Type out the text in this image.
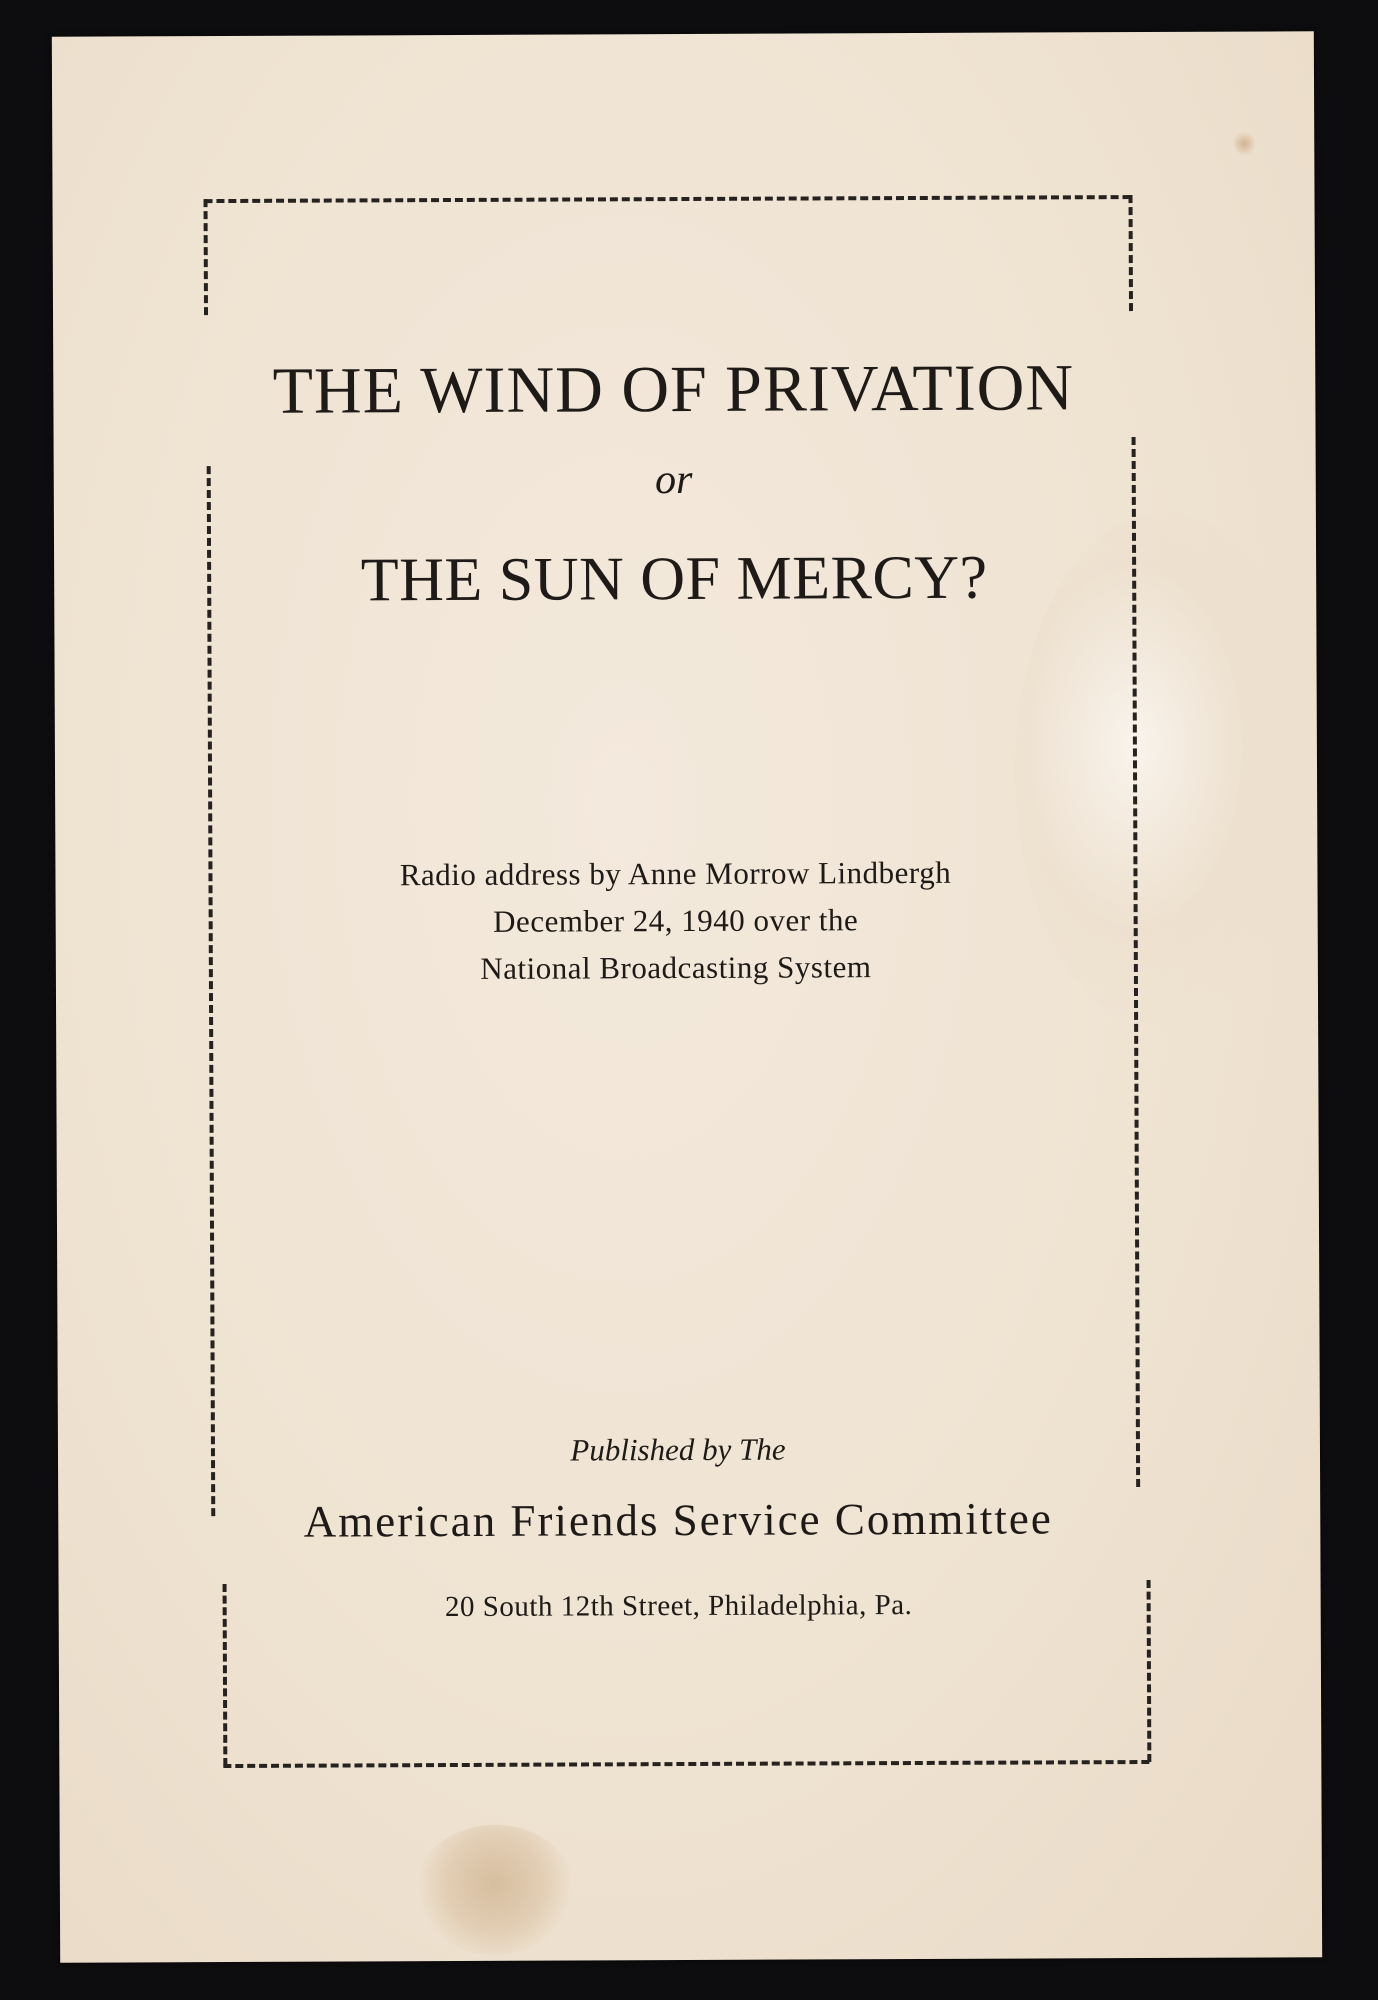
THE WIND OF PRIVATION
or
THE SUN OF MERCY?
Radio address by Anne Morrow Lindbergh
December 24, 1940 over the
National Broadcasting System
Published by The
American Friends Service Committee
20 South 12th Street, Philadelphia, Pa.
